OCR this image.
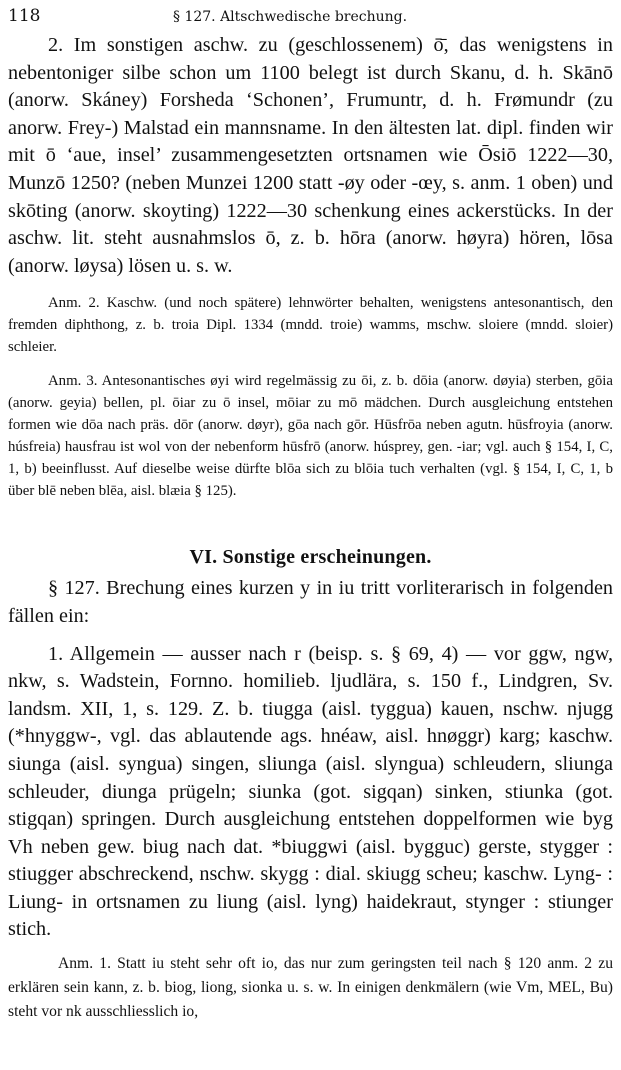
118	§ 127. Altschwedische brechung.

2. Im sonstigen aschw. zu (geschlossenem) ō̄, das wenigstens in nebentoniger silbe schon um 1100 belegt ist durch Skanu, d. h. Skānō (anorw. Skáney) Forsheda ‘Schonen’, Frumuntr, d. h. Frømundr (zu anorw. Frey-) Malstad ein mannsname. In den ältesten lat. dipl. finden wir mit ō ‘aue, insel’ zusammengesetzten ortsnamen wie Ōsiō 1222—30, Munzō 1250? (neben Munzei 1200 statt -øy oder -œy, s. anm. 1 oben) und skōting (anorw. skoyting) 1222—30 schenkung eines ackerstücks. In der aschw. lit. steht ausnahmslos ō, z. b. hōra (anorw. høyra) hören, lōsa (anorw. løysa) lösen u. s. w.

Anm. 2. Kaschw. (und noch spätere) lehnwörter behalten, wenigstens antesonantisch, den fremden diphthong, z. b. troia Dipl. 1334 (mndd. troie) wamms, mschw. sloiere (mndd. sloier) schleier.

Anm. 3. Antesonantisches øyi wird regelmässig zu ōi, z. b. dōia (anorw. døyia) sterben, gōia (anorw. geyia) bellen, pl. ōiar zu ō insel, mōiar zu mō mädchen. Durch ausgleichung entstehen formen wie dōa nach präs. dōr (anorw. døyr), gōa nach gōr. Hūsfrōa neben agutn. hūsfroyia (anorw. húsfreia) hausfrau ist wol von der nebenform hūsfrō (anorw. húsprey, gen. -iar; vgl. auch § 154, I, C, 1, b) beeinflusst. Auf dieselbe weise dürfte blōa sich zu blōia tuch verhalten (vgl. § 154, I, C, 1, b über blē neben blēa, aisl. blæia § 125).

VI. Sonstige erscheinungen.

§ 127. Brechung eines kurzen y in iu tritt vorliterarisch in folgenden fällen ein:

1. Allgemein — ausser nach r (beisp. s. § 69, 4) — vor ggw, ngw, nkw, s. Wadstein, Fornno. homilieb. ljudlära, s. 150 f., Lindgren, Sv. landsm. XII, 1, s. 129. Z. b. tiugga (aisl. tyggua) kauen, nschw. njugg (*hnyggw-, vgl. das ablautende ags. hnéaw, aisl. hnøggr) karg; kaschw. siunga (aisl. syngua) singen, sliunga (aisl. slyngua) schleudern, sliunga schleuder, diunga prügeln; siunka (got. sigqan) sinken, stiunka (got. stigqan) springen. Durch ausgleichung entstehen doppelformen wie byg Vh neben gew. biug nach dat. *biuggwi (aisl. bygguc) gerste, stygger : stiugger abschreckend, nschw. skygg : dial. skiugg scheu; kaschw. Lyng- : Liung- in ortsnamen zu liung (aisl. lyng) haidekraut, stynger : stiunger stich.

Anm. 1. Statt iu steht sehr oft io, das nur zum geringsten teil nach § 120 anm. 2 zu erklären sein kann, z. b. biog, liong, sionka u. s. w. In einigen denkmälern (wie Vm, MEL, Bu) steht vor nk ausschliesslich io,
